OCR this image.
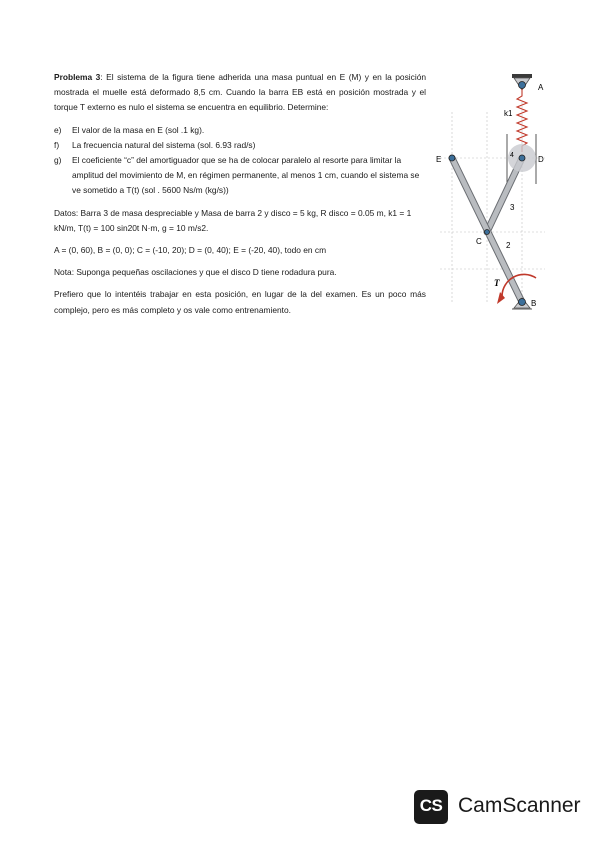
Problema 3: El sistema de la figura tiene adherida una masa puntual en E (M) y en la posición mostrada el muelle está deformado 8,5 cm. Cuando la barra EB está en posición mostrada y el torque T externo es nulo el sistema se encuentra en equilibrio. Determine:

e) El valor de la masa en E (sol .1 kg).
f) La frecuencia natural del sistema (sol. 6.93 rad/s)
g) El coeficiente “c” del amortiguador que se ha de colocar paralelo al resorte para limitar la amplitud del movimiento de M, en régimen permanente, al menos 1 cm, cuando el sistema se ve sometido a T(t) (sol . 5600 Ns/m (kg/s))

Datos: Barra 3 de masa despreciable y Masa de barra 2 y disco = 5 kg, R disco = 0.05 m, k1 = 1 kN/m, T(t) = 100 sin20t N·m, g = 10 m/s2.

A = (0, 60), B = (0, 0); C = (-10, 20); D = (0, 40); E = (-20, 40), todo en cm

Nota: Suponga pequeñas oscilaciones y que el disco D tiene rodadura pura.

Prefiero que lo intentéis trabajar en esta posición, en lugar de la del examen. Es un poco más complejo, pero es más completo y os vale como entrenamiento.

A
k1
4	D
E
C
3
2
B
T
CS CamScanner
